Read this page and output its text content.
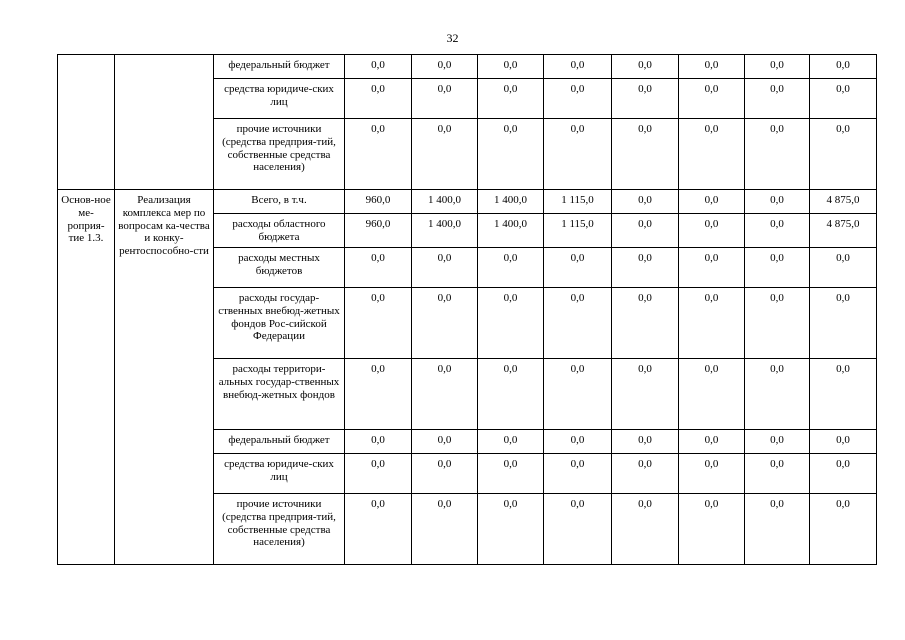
32
		федеральный бюджет	0,0	0,0	0,0	0,0	0,0	0,0	0,0	0,0
		средства юридиче-ских лиц	0,0	0,0	0,0	0,0	0,0	0,0	0,0	0,0
		прочие источники (средства предприя-тий, собственные средства населения)	0,0	0,0	0,0	0,0	0,0	0,0	0,0	0,0
Основ-ное ме-роприя-тие 1.3.	Реализация комплекса мер по вопросам ка-чества и конку-рентоспособно-сти	Всего, в т.ч.	960,0	1 400,0	1 400,0	1 115,0	0,0	0,0	0,0	4 875,0
		расходы областного бюджета	960,0	1 400,0	1 400,0	1 115,0	0,0	0,0	0,0	4 875,0
		расходы местных бюджетов	0,0	0,0	0,0	0,0	0,0	0,0	0,0	0,0
		расходы государ-ственных внебюд-жетных фондов Рос-сийской Федерации	0,0	0,0	0,0	0,0	0,0	0,0	0,0	0,0
		расходы территори-альных государ-ственных внебюд-жетных фондов	0,0	0,0	0,0	0,0	0,0	0,0	0,0	0,0
		федеральный бюджет	0,0	0,0	0,0	0,0	0,0	0,0	0,0	0,0
		средства юридиче-ских лиц	0,0	0,0	0,0	0,0	0,0	0,0	0,0	0,0
		прочие источники (средства предприя-тий, собственные средства населения)	0,0	0,0	0,0	0,0	0,0	0,0	0,0	0,0
